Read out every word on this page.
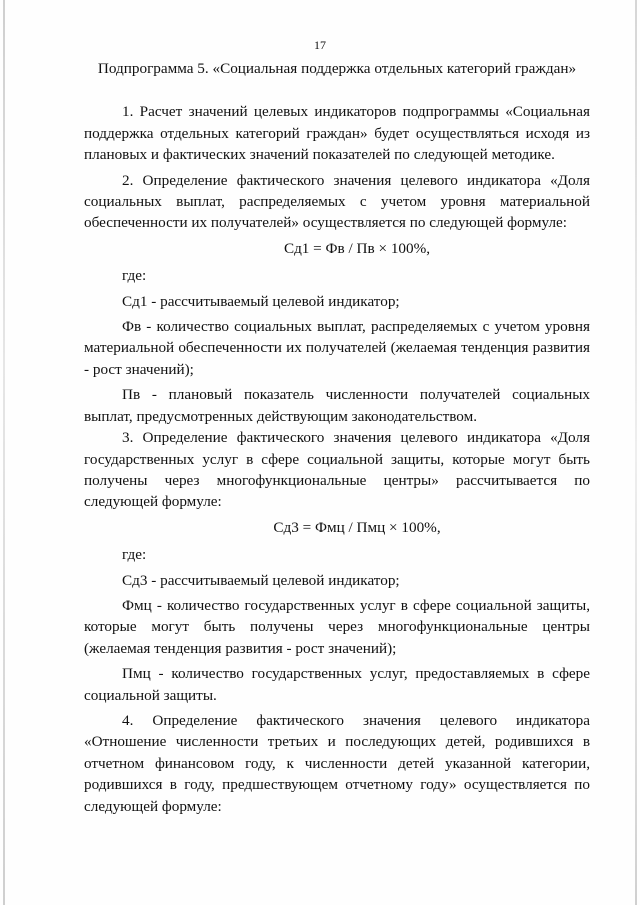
17
Подпрограмма 5. «Социальная поддержка отдельных категорий граждан»

1. Расчет значений целевых индикаторов подпрограммы «Социальная поддержка отдельных категорий граждан» будет осуществляться исходя из плановых и фактических значений показателей по следующей методике.

2. Определение фактического значения целевого индикатора «Доля социальных выплат, распределяемых с учетом уровня материальной обеспеченности их получателей» осуществляется по следующей формуле:

Сд1 = Фв / Пв × 100%,
где:

Сд1 - рассчитываемый целевой индикатор;

Фв - количество социальных выплат, распределяемых с учетом уровня материальной обеспеченности их получателей (желаемая тенденция развития - рост значений);

Пв - плановый показатель численности получателей социальных выплат, предусмотренных действующим законодательством.

3. Определение фактического значения целевого индикатора «Доля государственных услуг в сфере социальной защиты, которые могут быть получены через многофункциональные центры» рассчитывается по следующей формуле:

Сд3 = Фмц / Пмц × 100%,
где:

Сд3 - рассчитываемый целевой индикатор;

Фмц - количество государственных услуг в сфере социальной защиты, которые могут быть получены через многофункциональные центры (желаемая тенденция развития - рост значений);

Пмц - количество государственных услуг, предоставляемых в сфере социальной защиты.

4. Определение фактического значения целевого индикатора «Отношение численности третьих и последующих детей, родившихся в отчетном финансовом году, к численности детей указанной категории, родившихся в году, предшествующем отчетному году» осуществляется по следующей формуле:
